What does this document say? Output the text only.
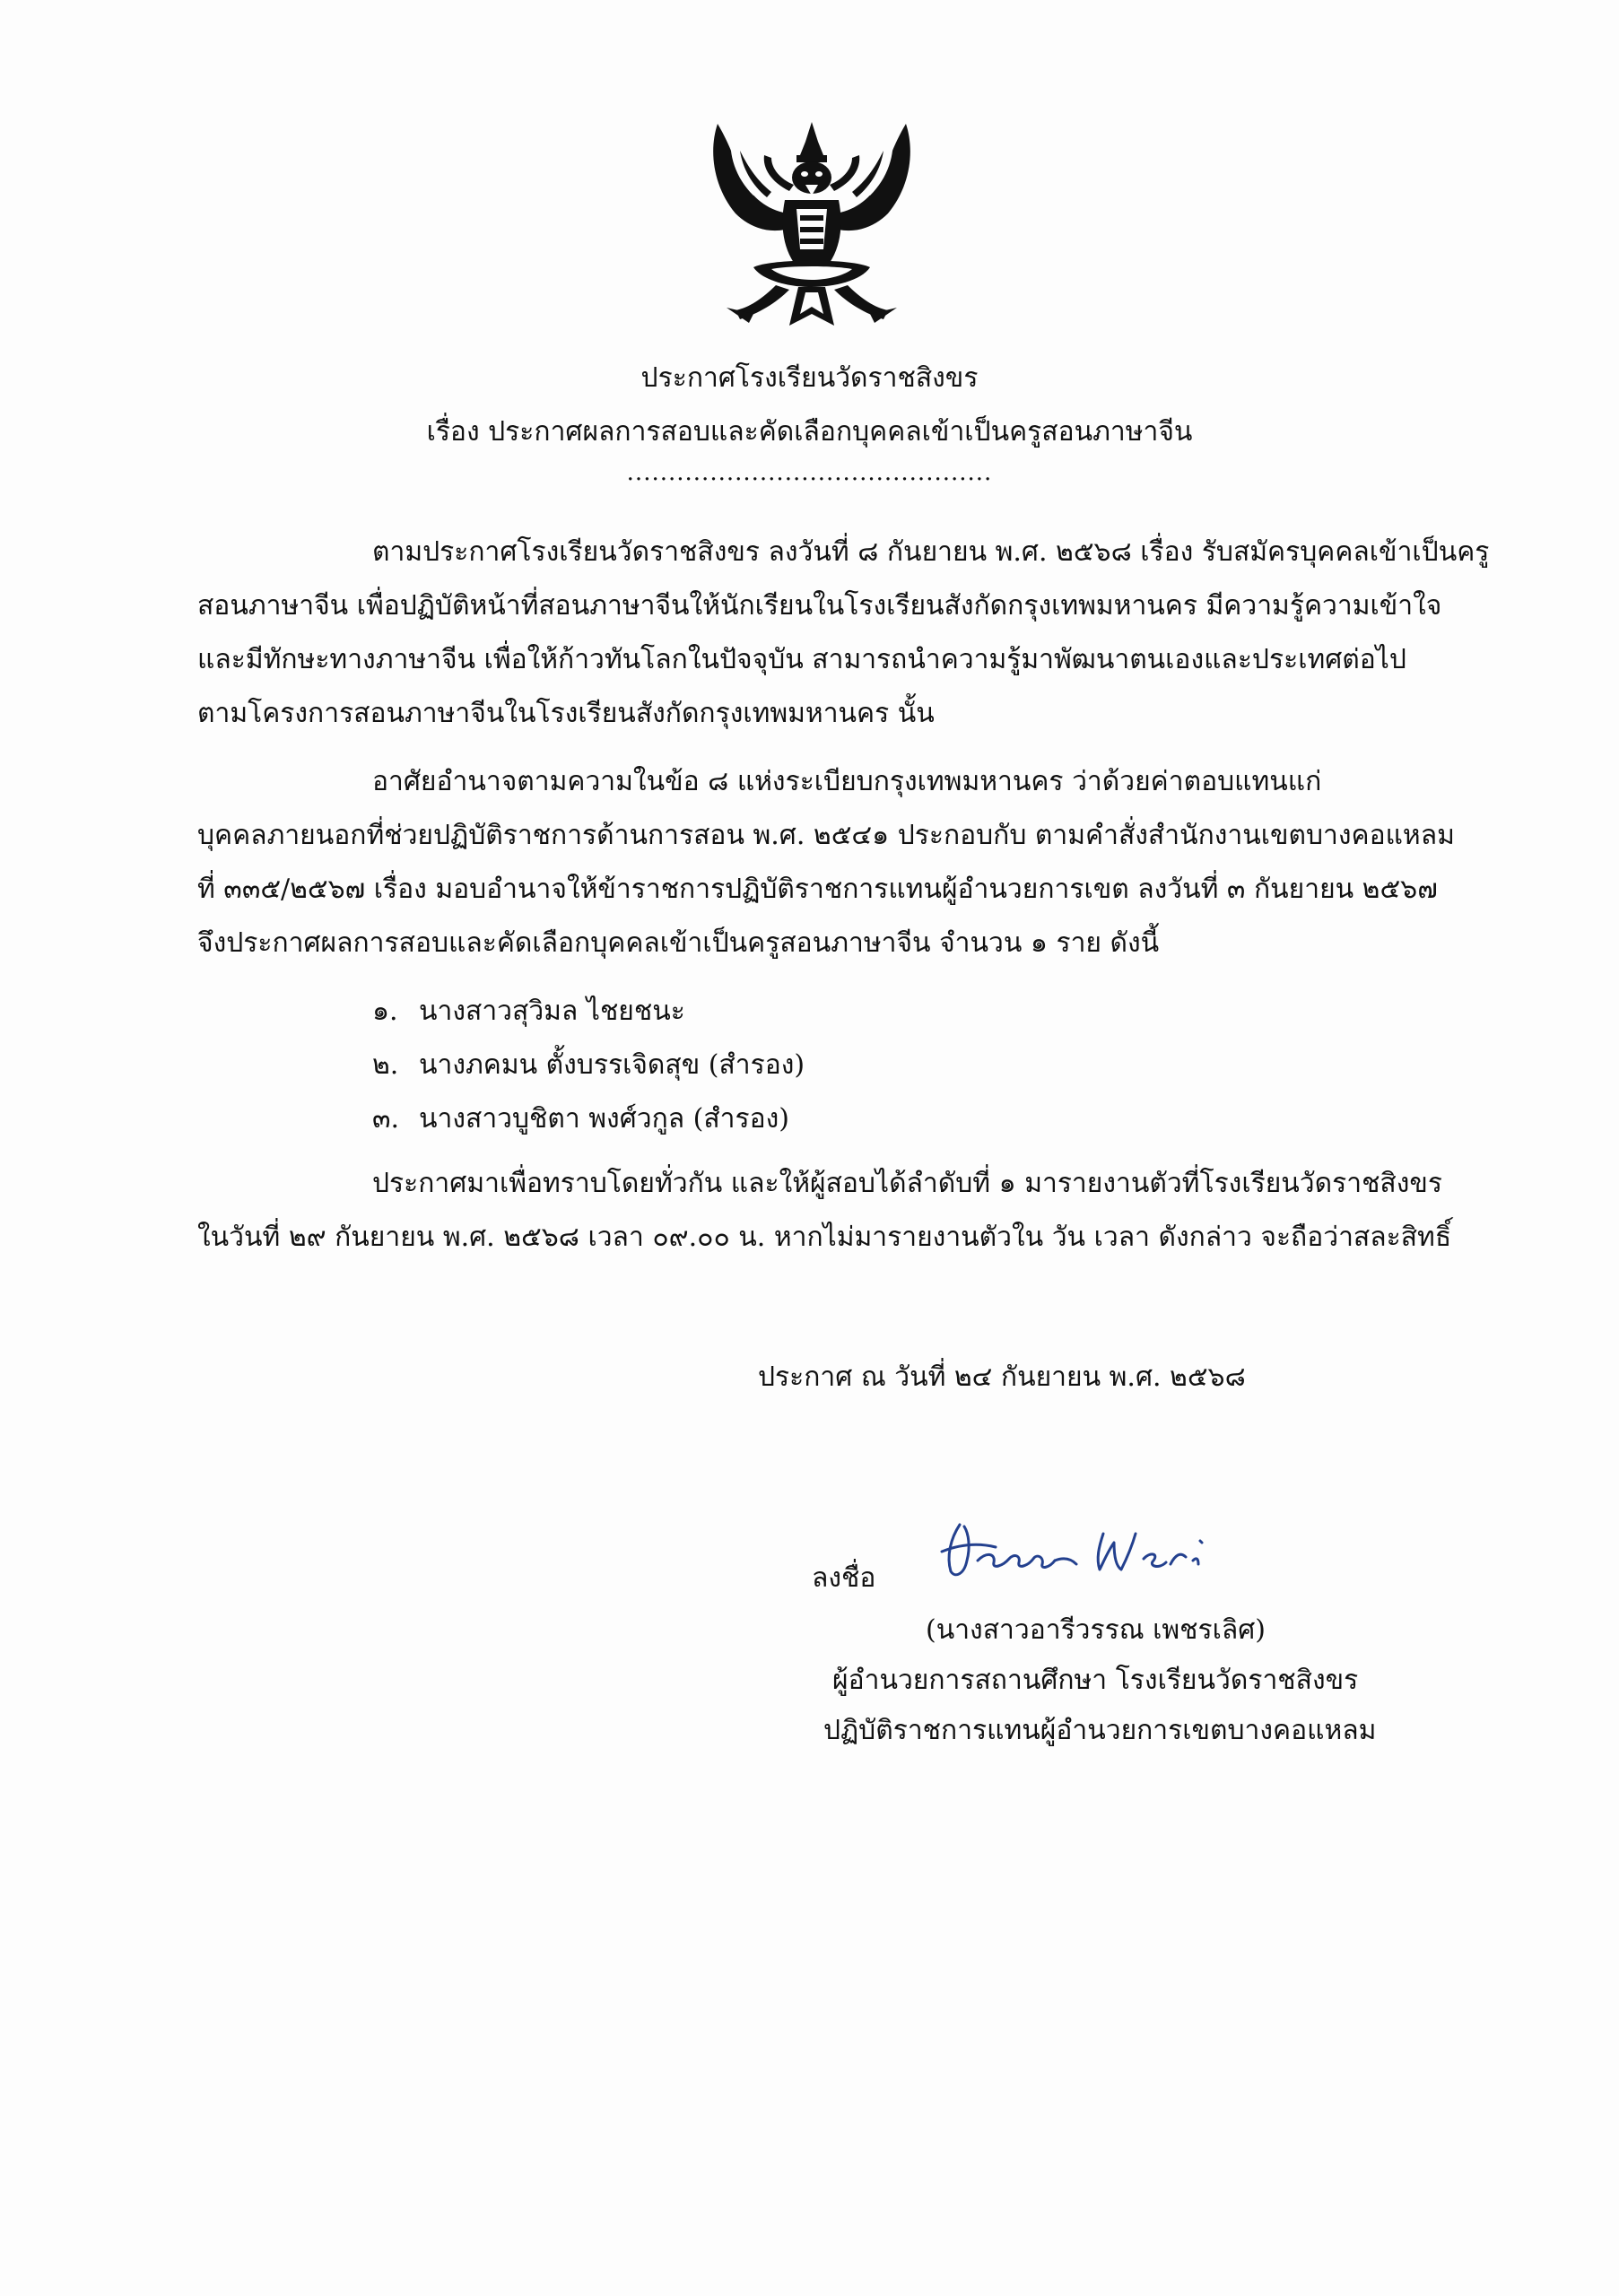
ประกาศโรงเรียนวัดราชสิงขร
เรื่อง ประกาศผลการสอบและคัดเลือกบุคคลเข้าเป็นครูสอนภาษาจีน
............................................
ตามประกาศโรงเรียนวัดราชสิงขร ลงวันที่ ๘ กันยายน พ.ศ. ๒๕๖๘ เรื่อง รับสมัครบุคคลเข้าเป็นครู
สอนภาษาจีน เพื่อปฏิบัติหน้าที่สอนภาษาจีนให้นักเรียนในโรงเรียนสังกัดกรุงเทพมหานคร มีความรู้ความเข้าใจ
และมีทักษะทางภาษาจีน เพื่อให้ก้าวทันโลกในปัจจุบัน สามารถนำความรู้มาพัฒนาตนเองและประเทศต่อไป
ตามโครงการสอนภาษาจีนในโรงเรียนสังกัดกรุงเทพมหานคร นั้น
อาศัยอำนาจตามความในข้อ ๘ แห่งระเบียบกรุงเทพมหานคร ว่าด้วยค่าตอบแทนแก่
บุคคลภายนอกที่ช่วยปฏิบัติราชการด้านการสอน พ.ศ. ๒๕๔๑ ประกอบกับ ตามคำสั่งสำนักงานเขตบางคอแหลม
ที่ ๓๓๕/๒๕๖๗ เรื่อง มอบอำนาจให้ข้าราชการปฏิบัติราชการแทนผู้อำนวยการเขต ลงวันที่ ๓ กันยายน ๒๕๖๗
จึงประกาศผลการสอบและคัดเลือกบุคคลเข้าเป็นครูสอนภาษาจีน จำนวน ๑ ราย ดังนี้
๑. นางสาวสุวิมล ไชยชนะ
๒. นางภคมน ตั้งบรรเจิดสุข (สำรอง)
๓. นางสาวบูชิตา พงศ์วกูล (สำรอง)
ประกาศมาเพื่อทราบโดยทั่วกัน และให้ผู้สอบได้ลำดับที่ ๑ มารายงานตัวที่โรงเรียนวัดราชสิงขร
ในวันที่ ๒๙ กันยายน พ.ศ. ๒๕๖๘ เวลา ๐๙.๐๐ น. หากไม่มารายงานตัวใน วัน เวลา ดังกล่าว จะถือว่าสละสิทธิ์
ประกาศ ณ วันที่ ๒๔ กันยายน พ.ศ. ๒๕๖๘
ลงชื่อ
(นางสาวอารีวรรณ เพชรเลิศ)
ผู้อำนวยการสถานศึกษา โรงเรียนวัดราชสิงขร
ปฏิบัติราชการแทนผู้อำนวยการเขตบางคอแหลม
